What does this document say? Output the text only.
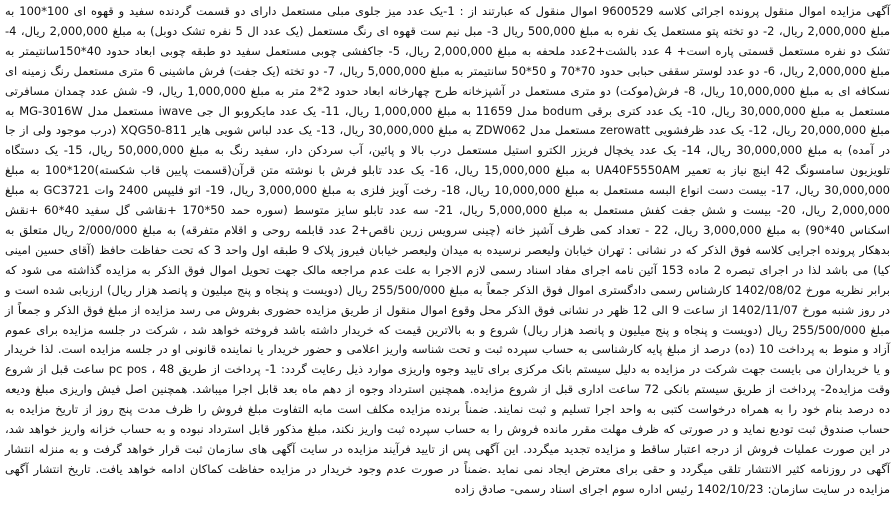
آگهی مزایده اموال منقول پرونده اجرائی کلاسه 9600529 اموال منقول که عبارتند از : 1-یک عدد میز جلوی مبلی مستعمل دارای دو قسمت گردنده سفید و قهوه ای 100*100 به مبلغ 2,000,000 ریال، 2- دو تخته پتو مستعمل یک نفره به مبلغ 500,000 ریال 3- مبل نیم ست قهوه ای رنگ مستعمل (یک عدد ال 5 نفره تشک دوبل) به مبلغ 2,000,000 ریال، 4- تشک دو نفره مستعمل قسمتی پاره است+ 4 عدد بالشت+2عدد ملحفه به مبلغ 2,000,000 ریال، 5- جاکفشی چوبی مستعمل سفید دو طبقه چوبی ابعاد حدود 40*150سانتیمتر به مبلغ 2,000,000 ریال، 6- دو عدد لوستر سقفی حبابی حدود 70*70 و 50*50 سانتیمتر به مبلغ 5,000,000 ریال، 7- دو تخته (یک جفت) فرش ماشینی 6 متری مستعمل رنگ زمینه ای نسکافه ای به مبلغ 10,000,000 ریال، 8- فرش(موکت) دو متری مستعمل در آشپزخانه طرح چهارخانه ابعاد حدود 2*2 متر به مبلغ 1,000,000 ریال، 9- شش عدد چمدان مسافرتی مستعمل به مبلغ 30,000,000 ریال، 10- یک عدد کتری برقی bodum مدل 11659 به مبلغ 1,000,000 ریال، 11- یک عدد مایکروبو ال جی iwave مستعمل مدل MG-3016W به مبلغ 20,000,000 ریال، 12- یک عدد ظرفشویی zerowatt مستعمل مدل ZDW062 به مبلغ 30,000,000 ریال، 13- یک عدد لباس شویی هایر XQG50-811 (درب موجود ولی از جا در آمده) به مبلغ 30,000,000 ریال، 14- یک عدد یخچال فریزر الکترو استیل مستعمل درب بالا و پائین، آب سردکن دار، سفید رنگ به مبلغ 50,000,000 ریال، 15- یک دستگاه تلویزیون سامسونگ 42 اینچ نیاز به تعمیر UA40F5550AM به مبلغ 15,000,000 ریال، 16- یک عدد تابلو فرش با نوشته متن قرآن(قسمت پایین قاب شکسته)120*100 به مبلغ 30,000,000 ریال، 17- بیست دست انواع البسه مستعمل به مبلغ 10,000,000 ریال، 18- رخت آویز فلزی به مبلغ 3,000,000 ریال، 19- اتو فلیپس 2400 وات GC3721 به مبلغ 2,000,000 ریال، 20- بیست و شش جفت کفش مستعمل به مبلغ 5,000,000 ریال، 21- سه عدد تابلو سایز متوسط (سوره حمد 50*170 +نقاشی گل سفید 40*60 +نقش اسکناس 40*90) به مبلغ 3,000,000 ریال، 22 - تعداد کمی ظرف آشپز خانه (چینی سرویس زرین ناقص+2 عدد قابلمه روحی و اقلام متفرقه) به مبلغ 2/000/000 ریال متعلق به بدهکار پرونده اجرایی کلاسه فوق الذکر که در نشانی : تهران خیابان ولیعصر نرسیده به میدان ولیعصر خیابان فیروز پلاک 9 طبقه اول واحد 3 که تحت حفاظت حافظ (آقای حسین امینی کیا) می باشد لذا در اجرای تبصره 2 ماده 153 آئین نامه اجرای مفاد اسناد رسمی لازم الاجرا به علت عدم مراجعه مالک جهت تحویل اموال فوق الذکر به مزایده گذاشته می شود که برابر نظریه مورخ 1402/08/02 کارشناس رسمی دادگستری اموال فوق الذکر جمعاً به مبلغ 255/500/000 ریال (دویست و پنجاه و پنج میلیون و پانصد هزار ریال) ارزیابی شده است و در روز شنبه مورخ 1402/11/07 از ساعت 9 الی 12 ظهر در نشانی فوق الذکر محل وقوع اموال منقول از طریق مزایده حضوری بفروش می رسد مزایده از مبلغ فوق الذکر و جمعاً از مبلغ 255/500/000 ریال (دویست و پنجاه و پنج میلیون و پانصد هزار ریال) شروع و به بالاترین قیمت که خریدار داشته باشد فروخته خواهد شد ، شرکت در جلسه مزایده برای عموم آزاد و منوط به پرداخت 10 (ده) درصد از مبلغ پایه کارشناسی به حساب سپرده ثبت و تحت شناسه واریز اعلامی و حضور خریدار یا نماینده قانونی او در جلسه مزایده است. لذا خریدار و یا خریداران می بایست جهت شرکت در مزایده به دلیل سیستم بانک مرکزی برای تایید وجوه واریزی موارد ذیل رعایت گردد: 1- پرداخت از طریق pc pos ، 48 ساعت قبل از شروع وقت مزایده2- پرداخت از طریق سیستم بانکی 72 ساعت اداری قبل از شروع مزایده. همچنین استرداد وجوه از دهم ماه بعد قابل اجرا میباشد. همچنین اصل فیش واریزی مبلغ ودیعه ده درصد بنام خود را به همراه درخواست کتبی به واحد اجرا تسلیم و ثبت نمایند. ضمناً برنده مزایده مکلف است مابه التفاوت مبلغ فروش را ظرف مدت پنج روز از تاریخ مزایده به حساب صندوق ثبت تودیع نماید و در صورتی که ظرف مهلت مقرر مانده فروش را به حساب سپرده ثبت واریز نکند، مبلغ مذکور قابل استرداد نبوده و به حساب خزانه واریز خواهد شد، در این صورت عملیات فروش از درجه اعتبار ساقط و مزایده تجدید میگردد. این آگهی پس از تایید فرآیند مزایده در سایت آگهی های سازمان ثبت قرار خواهد گرفت و به منزله انتشار آگهی در روزنامه کثیر الانتشار تلقی میگردد و حقی برای معترض ایجاد نمی نماید .ضمناً در صورت عدم وجود خریدار در مزایده حفاظت کماکان ادامه خواهد یافت. تاریخ انتشار آگهی مزایده در سایت سازمان: 1402/10/23 رئیس اداره سوم اجرای اسناد رسمی- صادق زاده
